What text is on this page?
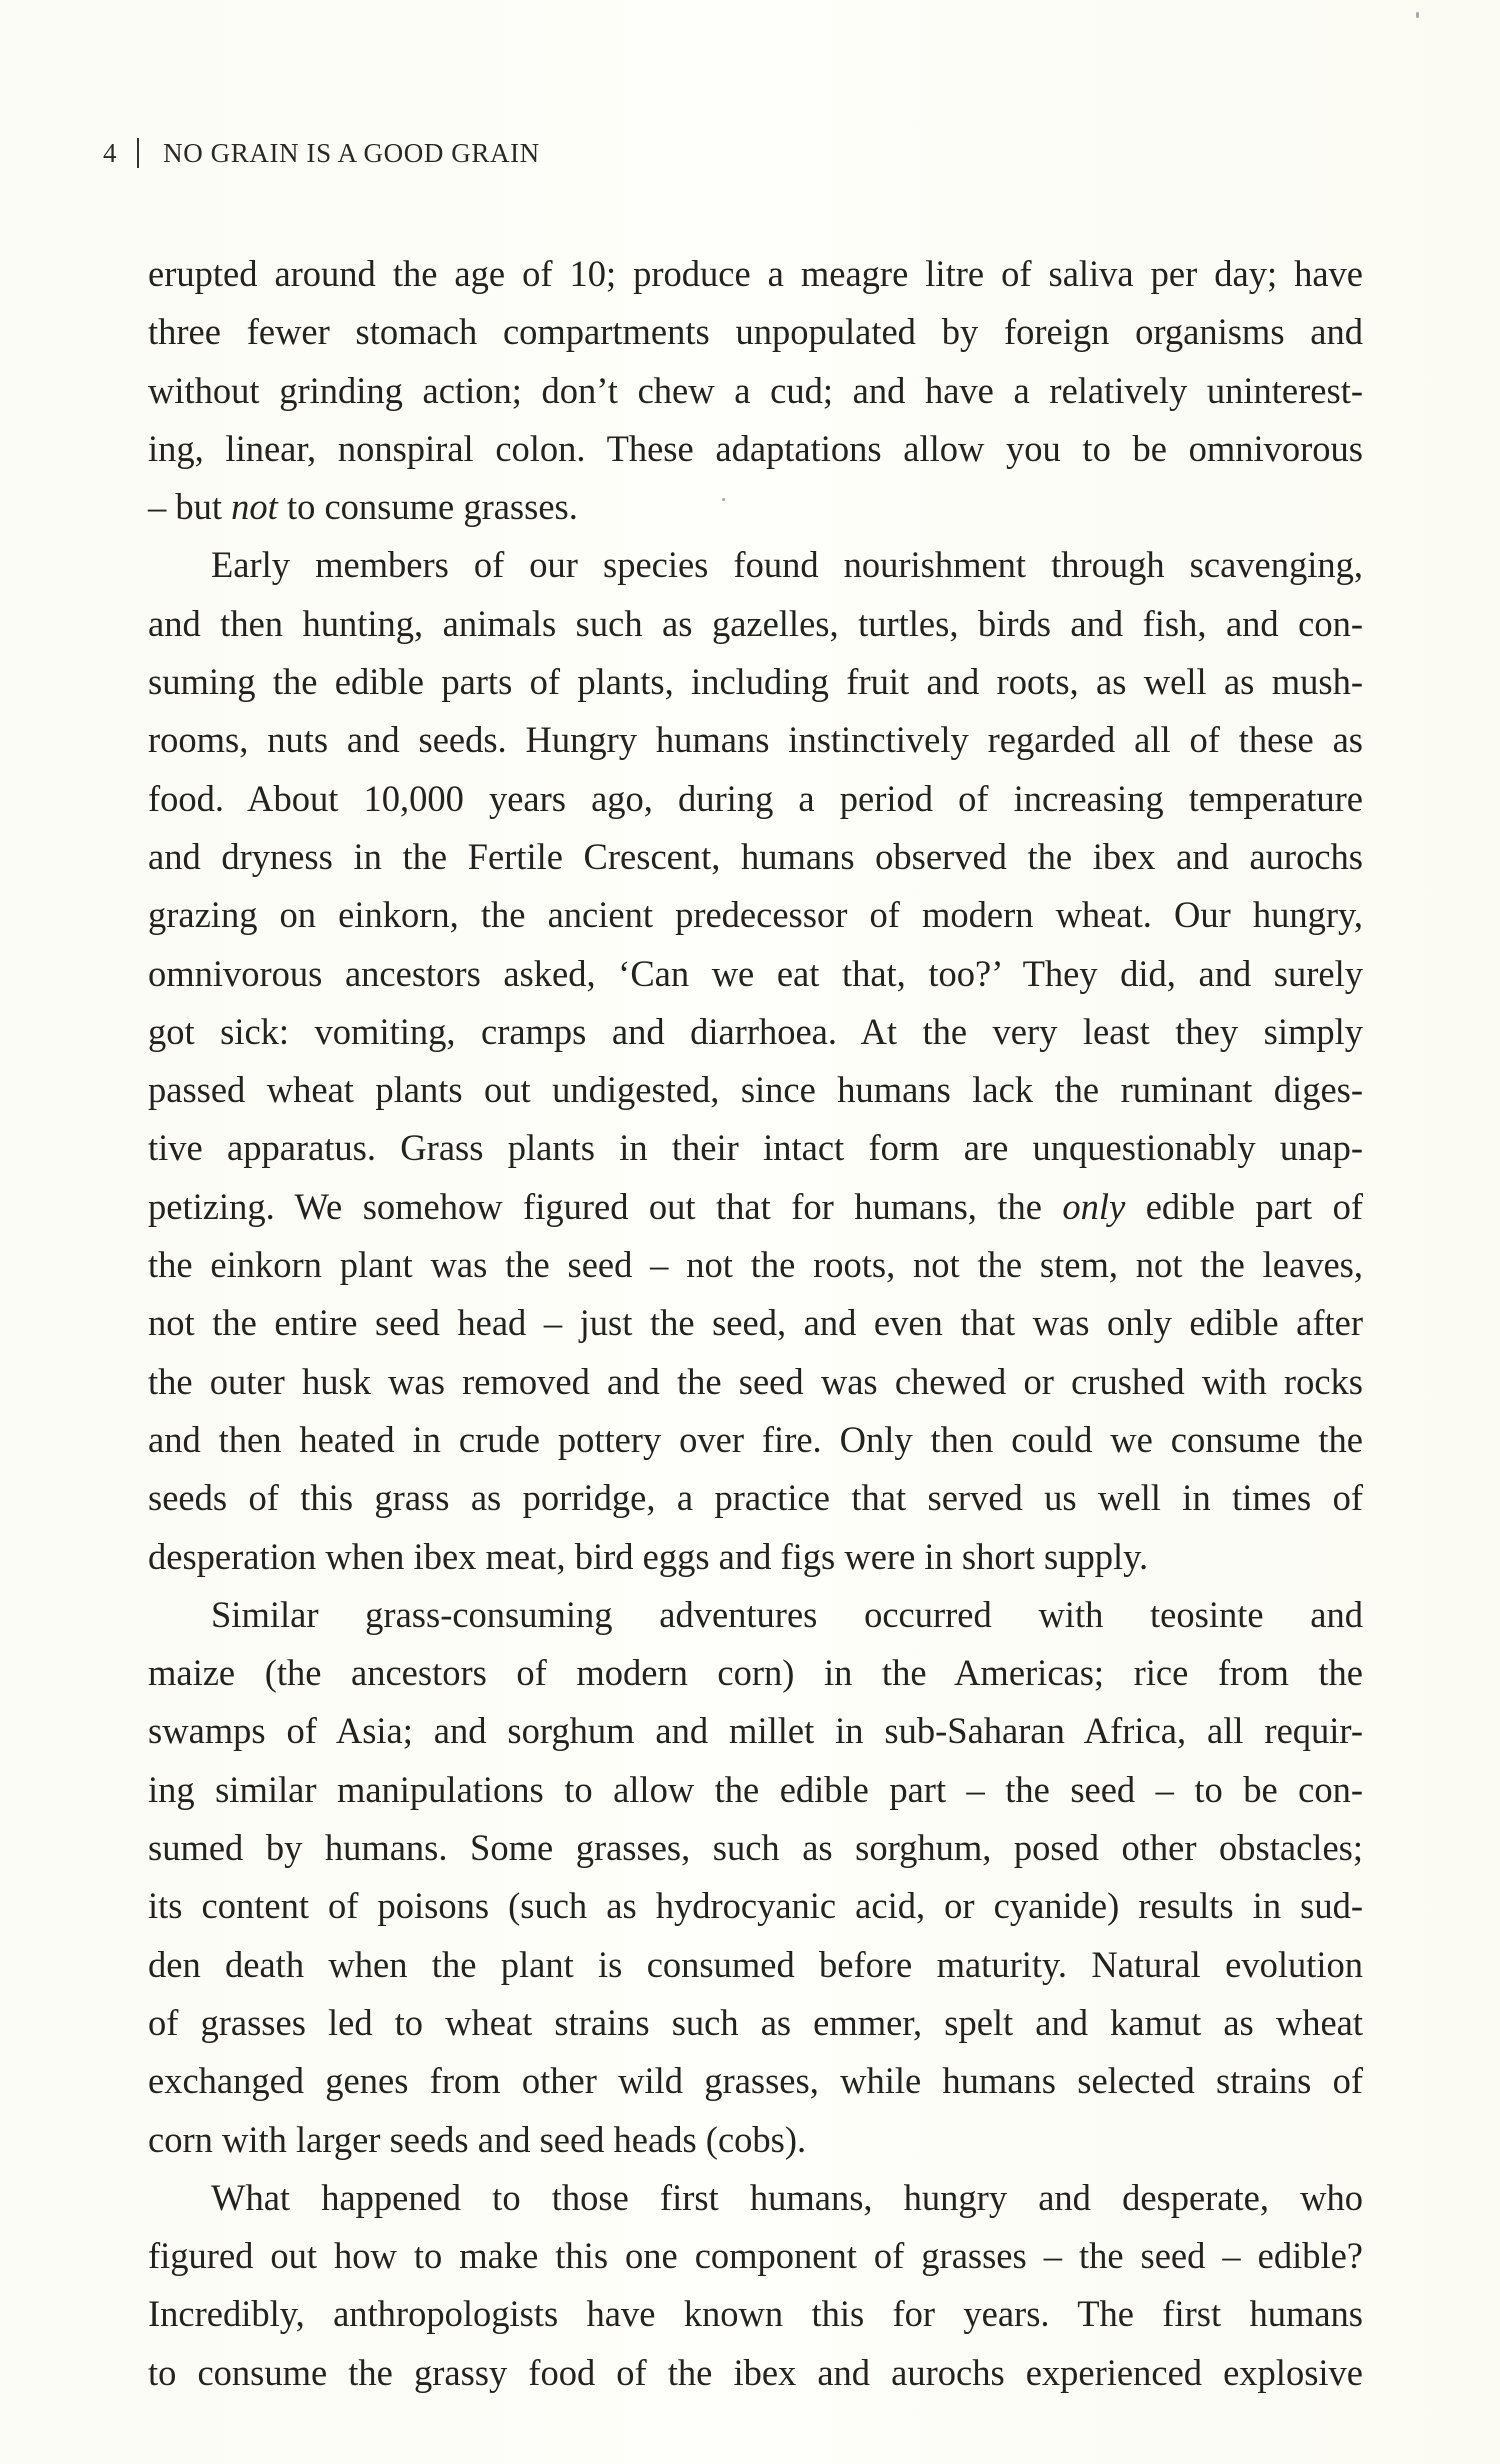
4 NO GRAIN IS A GOOD GRAIN
erupted around the age of 10; produce a meagre litre of saliva per day; have
three fewer stomach compartments unpopulated by foreign organisms and
without grinding action; don’t chew a cud; and have a relatively uninterest-
ing, linear, nonspiral colon. These adaptations allow you to be omnivorous
– but not to consume grasses.
Early members of our species found nourishment through scavenging,
and then hunting, animals such as gazelles, turtles, birds and fish, and con-
suming the edible parts of plants, including fruit and roots, as well as mush-
rooms, nuts and seeds. Hungry humans instinctively regarded all of these as
food. About 10,000 years ago, during a period of increasing temperature
and dryness in the Fertile Crescent, humans observed the ibex and aurochs
grazing on einkorn, the ancient predecessor of modern wheat. Our hungry,
omnivorous ancestors asked, ‘Can we eat that, too?’ They did, and surely
got sick: vomiting, cramps and diarrhoea. At the very least they simply
passed wheat plants out undigested, since humans lack the ruminant diges-
tive apparatus. Grass plants in their intact form are unquestionably unap-
petizing. We somehow figured out that for humans, the only edible part of
the einkorn plant was the seed – not the roots, not the stem, not the leaves,
not the entire seed head – just the seed, and even that was only edible after
the outer husk was removed and the seed was chewed or crushed with rocks
and then heated in crude pottery over fire. Only then could we consume the
seeds of this grass as porridge, a practice that served us well in times of
desperation when ibex meat, bird eggs and figs were in short supply.
Similar grass-consuming adventures occurred with teosinte and
maize (the ancestors of modern corn) in the Americas; rice from the
swamps of Asia; and sorghum and millet in sub-Saharan Africa, all requir-
ing similar manipulations to allow the edible part – the seed – to be con-
sumed by humans. Some grasses, such as sorghum, posed other obstacles;
its content of poisons (such as hydrocyanic acid, or cyanide) results in sud-
den death when the plant is consumed before maturity. Natural evolution
of grasses led to wheat strains such as emmer, spelt and kamut as wheat
exchanged genes from other wild grasses, while humans selected strains of
corn with larger seeds and seed heads (cobs).
What happened to those first humans, hungry and desperate, who
figured out how to make this one component of grasses – the seed – edible?
Incredibly, anthropologists have known this for years. The first humans
to consume the grassy food of the ibex and aurochs experienced explosive
